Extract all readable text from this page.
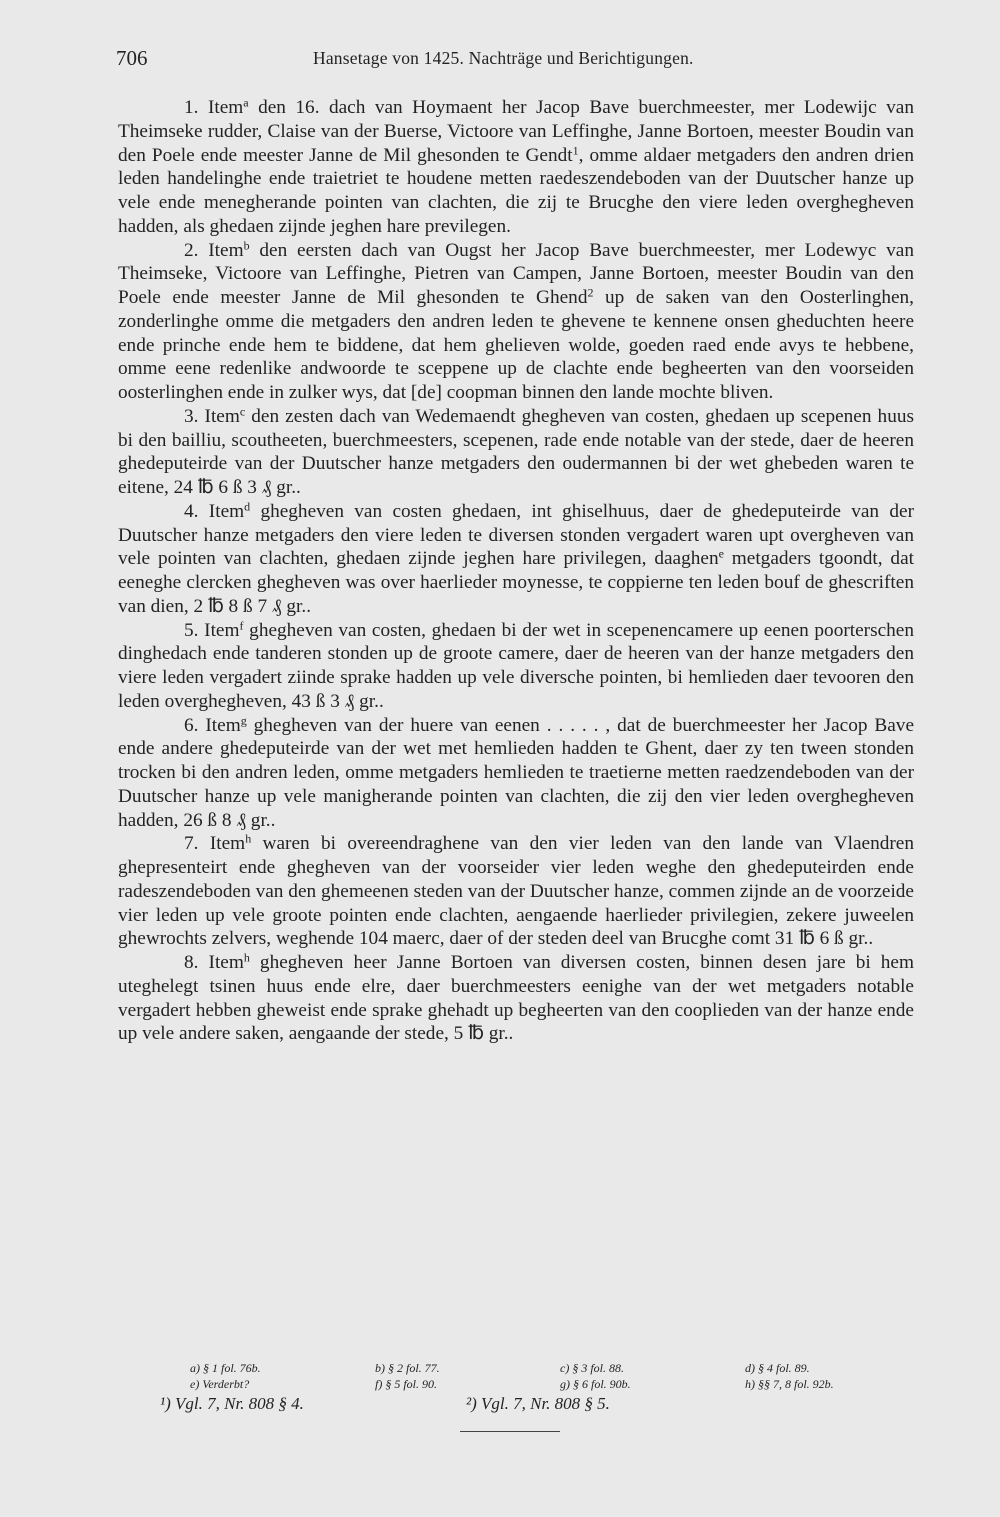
706	Hansetage von 1425. Nachträge und Berichtigungen.

1. Item$^a$ den 16. dach van Hoymaent her Jacop Bave buerchmeester, mer Lodewijc van Theimseke rudder, Claise van der Buerse, Victoore van Leffinghe, Janne Bortoen, meester Boudin van den Poele ende meester Janne de Mil ghesonden te Gendt$^1$, omme aldaer metgaders den andren drien leden handelinghe ende traietriet te houdene metten raedeszendeboden van der Duutscher hanze up vele ende menegherande pointen van clachten, die zij te Brucghe den viere leden overghegheven hadden, als ghedaen zijnde jeghen hare previlegen.

2. Item$^b$ den eersten dach van Ougst her Jacop Bave buerchmeester, mer Lodewyc van Theimseke, Victoore van Leffinghe, Pietren van Campen, Janne Bortoen, meester Boudin van den Poele ende meester Janne de Mil ghesonden te Ghend$^2$ up de saken van den Oosterlinghen, zonderlinghe omme die metgaders den andren leden te ghevene te kennene onsen gheduchten heere ende prinche ende hem te biddene, dat hem ghelieven wolde, goeden raed ende avys te hebbene, omme eene redenlike andwoorde te sceppene up de clachte ende begheerten van den voorseiden oosterlinghen ende in zulker wys, dat [de] coopman binnen den lande mochte bliven.

3. Item$^c$ den zesten dach van Wedemaendt ghegheven van costen, ghedaen up scepenen huus bi den bailliu, scoutheeten, buerchmeesters, scepenen, rade ende notable van der stede, daer de heeren ghedeputeirde van der Duutscher hanze metgaders den oudermannen bi der wet ghebeden waren te eitene, 24 ℔ 6 ß 3 ₰ gr..

4. Item$^d$ ghegheven van costen ghedaen, int ghiselhuus, daer de ghedeputeirde van der Duutscher hanze metgaders den viere leden te diversen stonden vergadert waren upt overgheven van vele pointen van clachten, ghedaen zijnde jeghen hare privilegen, daaghen$^e$ metgaders tgoondt, dat eeneghe clercken ghegheven was over haerlieder moynesse, te coppierne ten leden bouf de ghescriften van dien, 2 ℔ 8 ß 7 ₰ gr..

5. Item$^f$ ghegheven van costen, ghedaen bi der wet in scepenencamere up eenen poorterschen dinghedach ende tanderen stonden up de groote camere, daer de heeren van der hanze metgaders den viere leden vergadert ziinde sprake hadden up vele diversche pointen, bi hemlieden daer tevooren den leden overghegheven, 43 ß 3 ₰ gr..

6. Item$^g$ ghegheven van der huere van eenen . . . . . , dat de buerchmeester her Jacop Bave ende andere ghedeputeirde van der wet met hemlieden hadden te Ghent, daer zy ten tween stonden trocken bi den andren leden, omme metgaders hemlieden te traetierne metten raedzendeboden van der Duutscher hanze up vele manigherande pointen van clachten, die zij den vier leden overghegheven hadden, 26 ß 8 ₰ gr..

7. Item$^h$ waren bi overeendraghene van den vier leden van den lande van Vlaendren ghepresenteirt ende ghegheven van der voorseider vier leden weghe den ghedeputeirden ende radeszendeboden van den ghemeenen steden van der Duutscher hanze, commen zijnde an de voorzeide vier leden up vele groote pointen ende clachten, aengaende haerlieder privilegien, zekere juweelen ghewrochts zelvers, weghende 104 maerc, daer of der steden deel van Brucghe comt 31 ℔ 6 ß gr..

8. Item$^h$ ghegheven heer Janne Bortoen van diversen costen, binnen desen jare bi hem uteghelegt tsinen huus ende elre, daer buerchmeesters eenighe van der wet metgaders notable vergadert hebben gheweist ende sprake ghehadt up begheerten van den cooplieden van der hanze ende up vele andere saken, aengaande der stede, 5 ℔ gr..

a) § 1 fol. 76b.	b) § 2 fol. 77.	c) § 3 fol. 88.	d) § 4 fol. 89.
e) Verderbt?	f) § 5 fol. 90.	g) § 6 fol. 90b.	h) §§ 7, 8 fol. 92b.
¹) Vgl. 7, Nr. 808 § 4.	²) Vgl. 7, Nr. 808 § 5.
